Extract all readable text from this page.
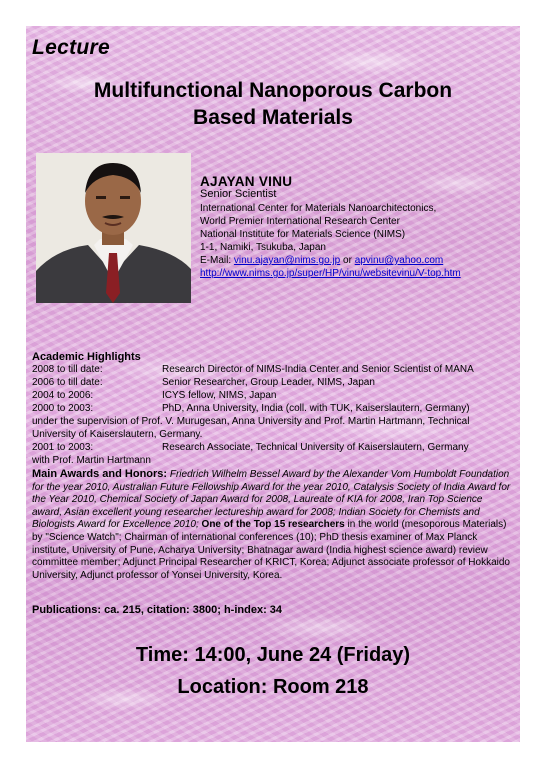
Lecture
Multifunctional Nanoporous Carbon
Based Materials
AJAYAN VINU
Senior Scientist
International Center for Materials Nanoarchitectonics,
World Premier International Research Center
National Institute for Materials Science (NIMS)
1-1, Namiki, Tsukuba, Japan
E-Mail: vinu.ajayan@nims.go.jp or apvinu@yahoo.com
http://www.nims.go.jp/super/HP/vinu/websitevinu/V-top.htm
Academic Highlights
2008 to till date:	Research Director of NIMS-India Center and Senior Scientist of MANA
2006 to till date:	Senior Researcher, Group Leader, NIMS, Japan
2004 to 2006:	ICYS fellow, NIMS, Japan
2000 to 2003:	PhD, Anna University, India (coll. with TUK, Kaiserslautern, Germany)
under the supervision of Prof. V. Murugesan, Anna University and Prof. Martin Hartmann, Technical
University of Kaiserslautern, Germany.
2001 to 2003:	Research Associate, Technical University of Kaiserslautern, Germany
with Prof. Martin Hartmann
Main Awards and Honors: Friedrich Wilhelm Bessel Award by the Alexander Vom Humboldt Foundation for the year 2010, Australian Future Fellowship Award for the year 2010, Catalysis Society of India Award for the Year 2010, Chemical Society of Japan Award for 2008, Laureate of KIA for 2008, Iran Top Science award, Asian excellent young researcher lectureship award for 2008; Indian Society for Chemists and Biologists Award for Excellence 2010; One of the Top 15 researchers in the world (mesoporous Materials) by "Science Watch"; Chairman of international conferences (10); PhD thesis examiner of Max Planck institute, University of Pune, Acharya University; Bhatnagar award (India highest science award) review committee member; Adjunct Principal Researcher of KRICT, Korea; Adjunct associate professor of Hokkaido University, Adjunct professor of Yonsei University, Korea.
Publications: ca. 215, citation: 3800; h-index: 34
Time: 14:00, June 24 (Friday)
Location: Room 218
